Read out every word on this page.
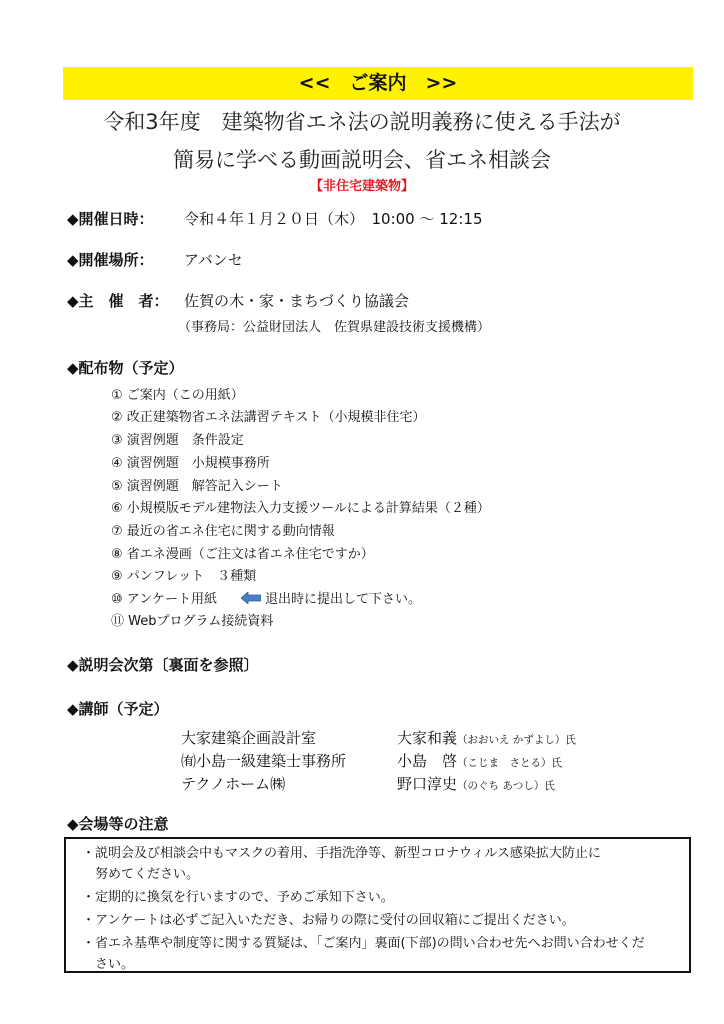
<<　ご案内　>>
令和3年度　建築物省エネ法の説明義務に使える手法が
簡易に学べる動画説明会、省エネ相談会
【非住宅建築物】
◆開催日時： 令和４年１月２０日（木）　10:00 ～ 12:15
◆開催場所： アバンセ
◆主　催　者： 佐賀の木・家・まちづくり協議会
（事務局：公益財団法人　佐賀県建設技術支援機構）
◆配布物（予定）
① ご案内（この用紙）
② 改正建築物省エネ法講習テキスト（小規模非住宅）
③ 演習例題　条件設定
④ 演習例題　小規模事務所
⑤ 演習例題　解答記入シート
⑥ 小規模版モデル建物法入力支援ツールによる計算結果（２種）
⑦ 最近の省エネ住宅に関する動向情報
⑧ 省エネ漫画（ご注文は省エネ住宅ですか）
⑨ パンフレット　３種類
⑩ アンケート用紙	退出時に提出して下さい。
⑪ Webプログラム接続資料
◆説明会次第〔裏面を参照〕
◆講師（予定）
大家建築企画設計室	大家和義（おおいえ かずよし）氏
㈲小島一級建築士事務所	小島　啓（こじま　さとる）氏
テクノホーム㈱	野口淳史（のぐち あつし）氏
◆会場等の注意
・説明会及び相談会中もマスクの着用、手指洗浄等、新型コロナウィルス感染拡大防止に
努めてください。
・定期的に換気を行いますので、予めご承知下さい。
・アンケートは必ずご記入いただき、お帰りの際に受付の回収箱にご提出ください。
・省エネ基準や制度等に関する質疑は、「ご案内」裏面(下部)の問い合わせ先へお問い合わせくだ
さい。
